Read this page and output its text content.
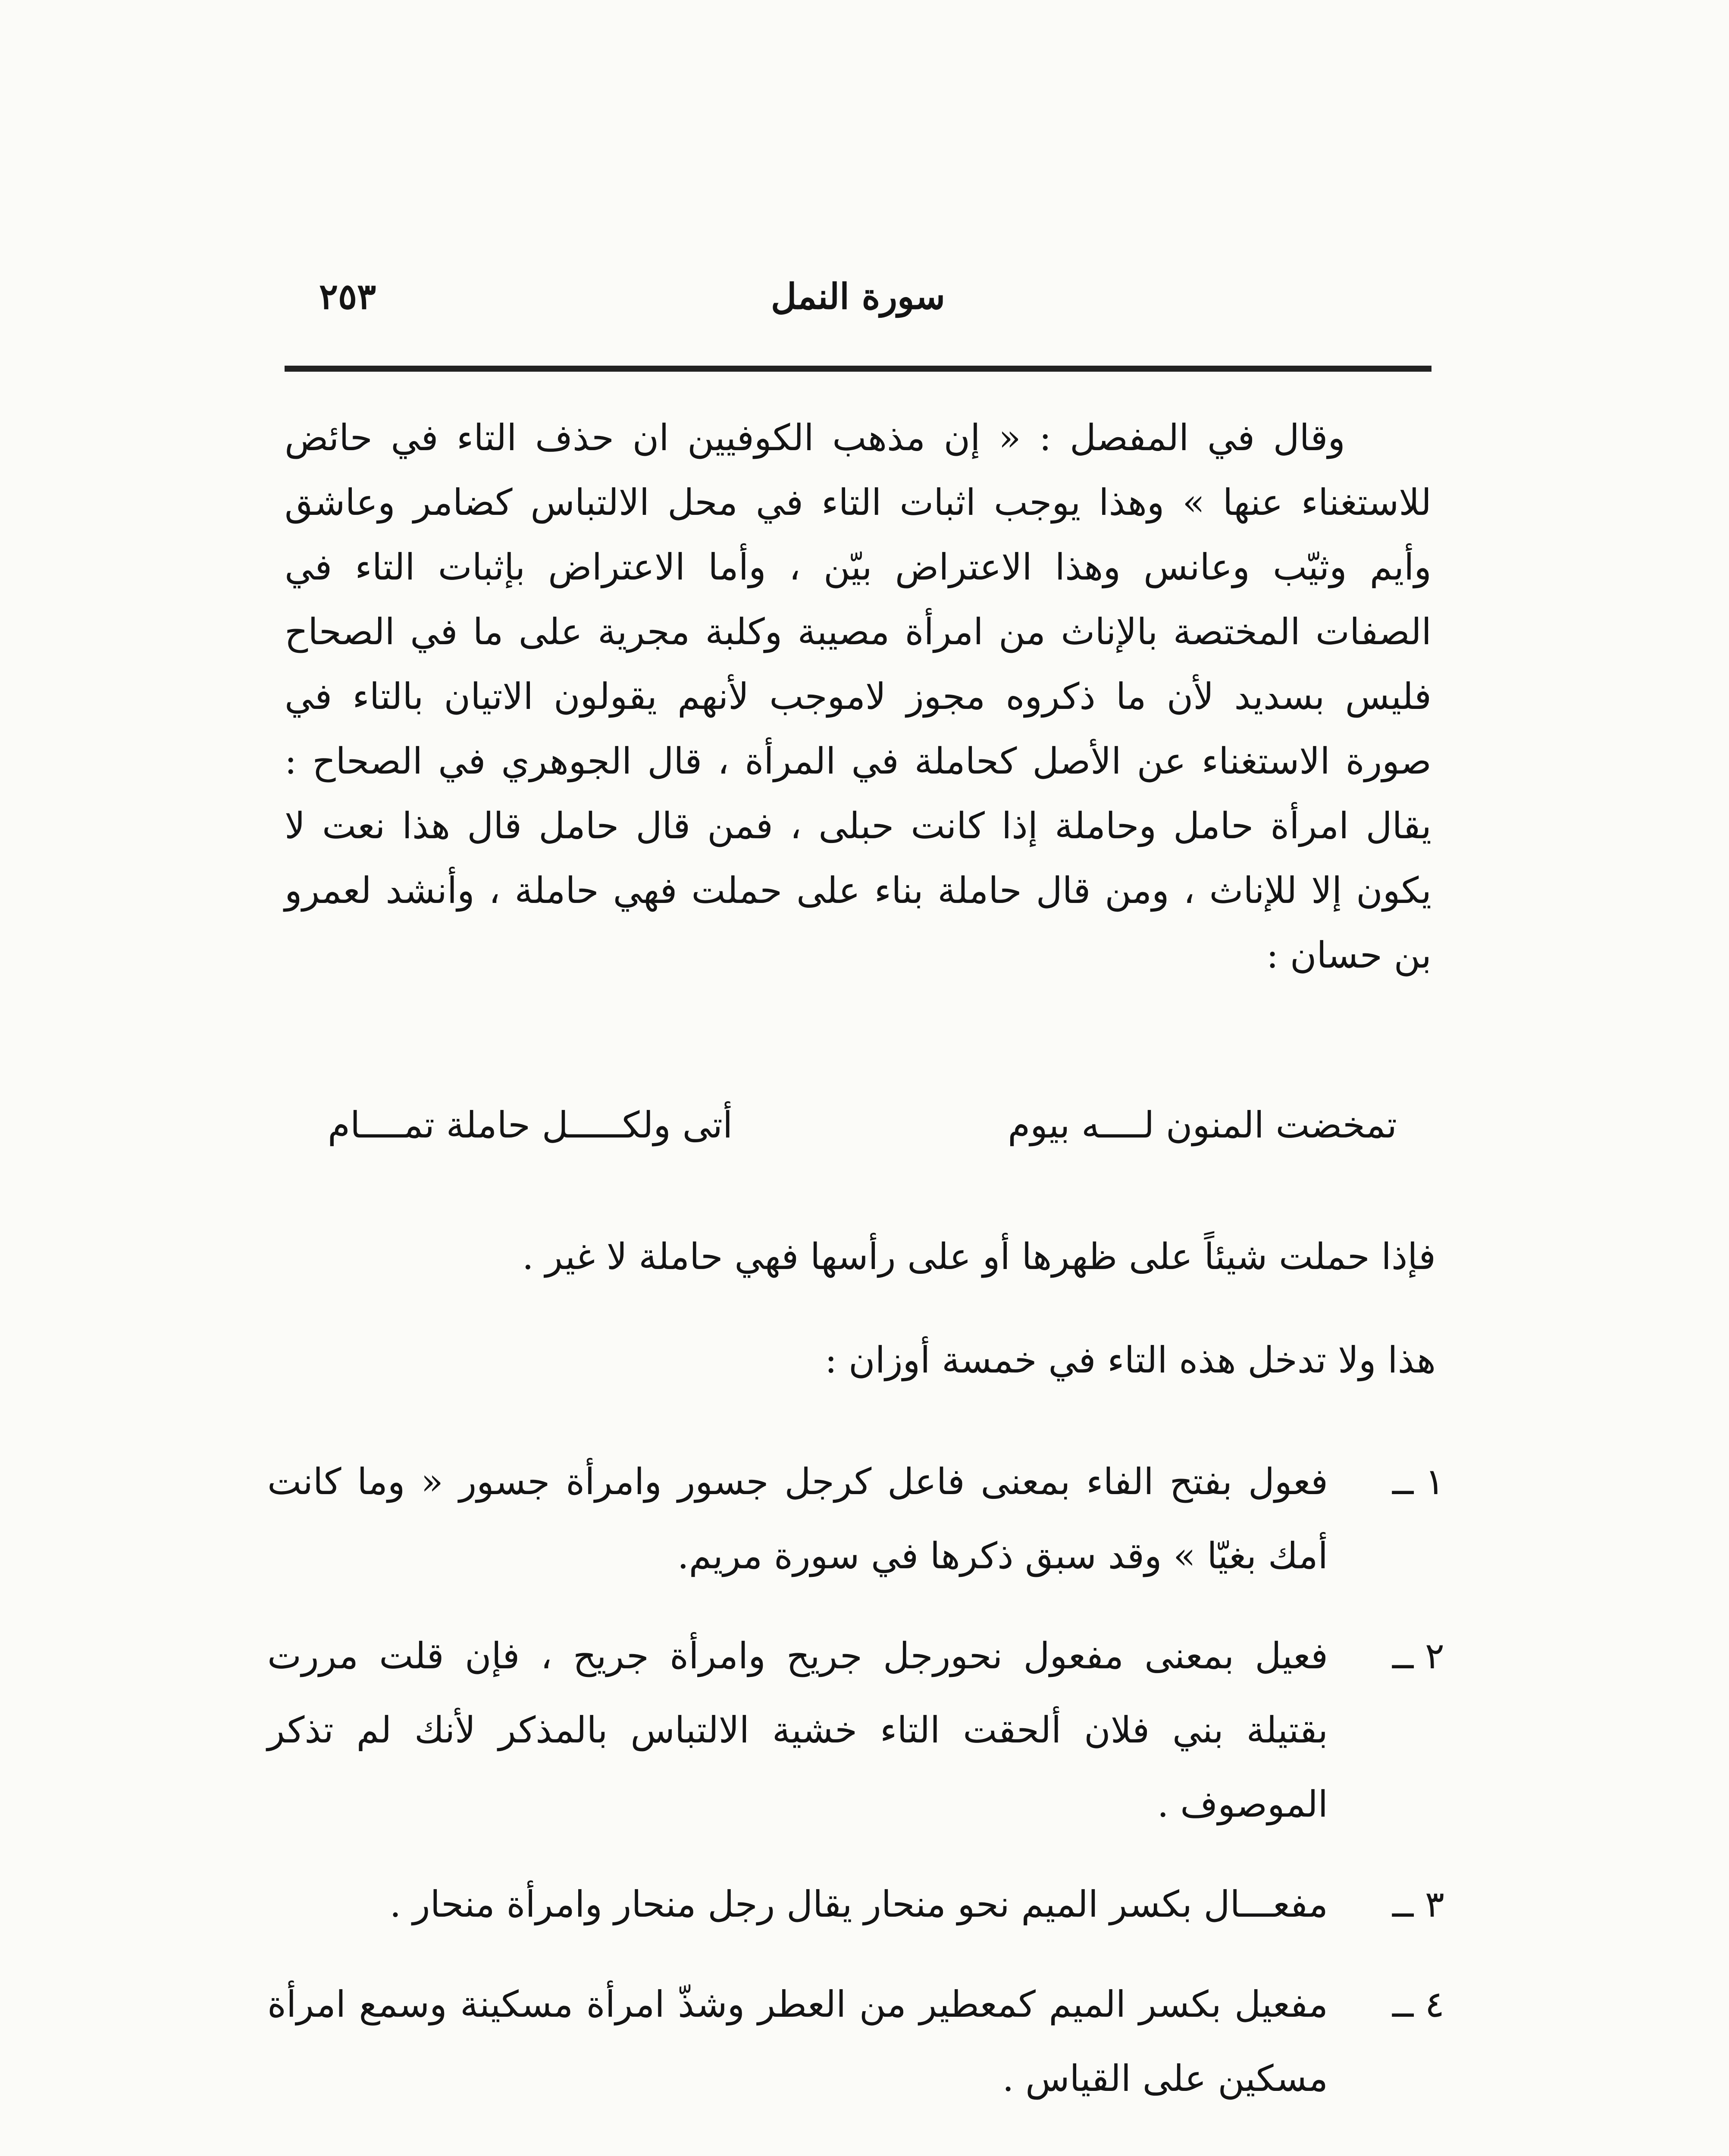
٢٥٣	سورة النمل
وقال في المفصل : « إن مذهب الكوفيين ان حذف التاء في حائض للاستغناء عنها » وهذا يوجب اثبات التاء في محل الالتباس كضامر وعاشق وأيم وثيّب وعانس وهذا الاعتراض بيّن ، وأما الاعتراض بإثبات التاء في الصفات المختصة بالإناث من امرأة مصيبة وكلبة مجرية على ما في الصحاح فليس بسديد لأن ما ذكروه مجوز لاموجب لأنهم يقولون الاتيان بالتاء في صورة الاستغناء عن الأصل كحاملة في المرأة ، قال الجوهري في الصحاح : يقال امرأة حامل وحاملة إذا كانت حبلى ، فمن قال حامل قال هذا نعت لا يكون إلا للإناث ، ومن قال حاملة بناء على حملت فهي حاملة ، وأنشد لعمرو بن حسان :
تمخضت المنون لــــه بيوم
أتى ولكـــــل حاملة تمــــام
فإذا حملت شيئاً على ظهرها أو على رأسها فهي حاملة لا غير .
هذا ولا تدخل هذه التاء في خمسة أوزان :
١ ــ
فعول بفتح الفاء بمعنى فاعل كرجل جسور وامرأة جسور « وما كانت أمك بغيّا » وقد سبق ذكرها في سورة مريم.
٢ ــ
فعيل بمعنى مفعول نحورجل جريح وامرأة جريح ، فإن قلت مررت بقتيلة بني فلان ألحقت التاء خشية الالتباس بالمذكر لأنك لم تذكر الموصوف .
٣ ــ
مفعـــال بكسر الميم نحو منحار يقال رجل منحار وامرأة منحار .
٤ ــ
مفعيل بكسر الميم كمعطير من العطر وشذّ امرأة مسكينة وسمع امرأة مسكين على القياس .
